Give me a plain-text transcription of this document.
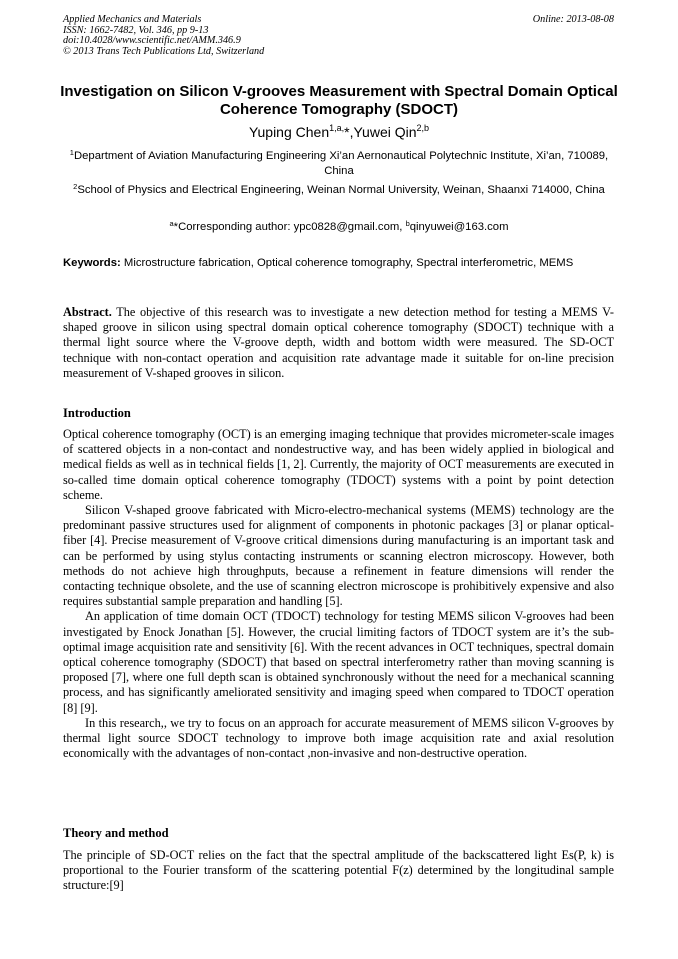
Applied Mechanics and Materials
ISSN: 1662-7482, Vol. 346, pp 9-13
doi:10.4028/www.scientific.net/AMM.346.9
© 2013 Trans Tech Publications Ltd, Switzerland
Online: 2013-08-08
Investigation on Silicon V-grooves Measurement with Spectral Domain Optical Coherence Tomography (SDOCT)
Yuping Chen$^{1,a,}$*,Yuwei Qin$^{2,b}$
$^1$Department of Aviation Manufacturing Engineering Xi’an Aernonautical Polytechnic Institute, Xi’an, 710089, China
$^2$School of Physics and Electrical Engineering, Weinan Normal University, Weinan, Shaanxi 714000, China
$^a$*Corresponding author: ypc0828@gmail.com, $^b$qinyuwei@163.com
Keywords: Microstructure fabrication, Optical coherence tomography, Spectral interferometric, MEMS

Abstract. The objective of this research was to investigate a new detection method for testing a MEMS V-shaped groove in silicon using spectral domain optical coherence tomography (SDOCT) technique with a thermal light source where the V-groove depth, width and bottom width were measured. The SD-OCT technique with non-contact operation and acquisition rate advantage made it suitable for on-line precision measurement of V-shaped grooves in silicon.

Introduction

Optical coherence tomography (OCT) is an emerging imaging technique that provides micrometer-scale images of scattered objects in a non-contact and nondestructive way, and has been widely applied in biological and medical fields as well as in technical fields [1, 2]. Currently, the majority of OCT measurements are executed in so-called time domain optical coherence tomography (TDOCT) systems with a point by point detection scheme.

Silicon V-shaped groove fabricated with Micro-electro-mechanical systems (MEMS) technology are the predominant passive structures used for alignment of components in photonic packages [3] or planar optical-fiber [4]. Precise measurement of V-groove critical dimensions during manufacturing is an important task and can be performed by using stylus contacting instruments or scanning electron microscopy. However, both methods do not achieve high throughputs, because a refinement in feature dimensions will render the contacting technique obsolete, and the use of scanning electron microscope is prohibitively expensive and also requires substantial sample preparation and handling [5].

An application of time domain OCT (TDOCT) technology for testing MEMS silicon V-grooves had been investigated by Enock Jonathan [5]. However, the crucial limiting factors of TDOCT system are it’s the sub-optimal image acquisition rate and sensitivity [6]. With the recent advances in OCT techniques, spectral domain optical coherence tomography (SDOCT) that based on spectral interferometry rather than moving scanning is proposed [7], where one full depth scan is obtained synchronously without the need for a mechanical scanning process, and has significantly ameliorated sensitivity and imaging speed when compared to TDOCT operation [8] [9].

In this research,, we try to focus on an approach for accurate measurement of MEMS silicon V-grooves by thermal light source SDOCT technology to improve both image acquisition rate and axial resolution economically with the advantages of non-contact ,non-invasive and non-destructive operation.

Theory and method

The principle of SD-OCT relies on the fact that the spectral amplitude of the backscattered light Es(P, k) is proportional to the Fourier transform of the scattering potential F(z) determined by the longitudinal sample structure:[9]
